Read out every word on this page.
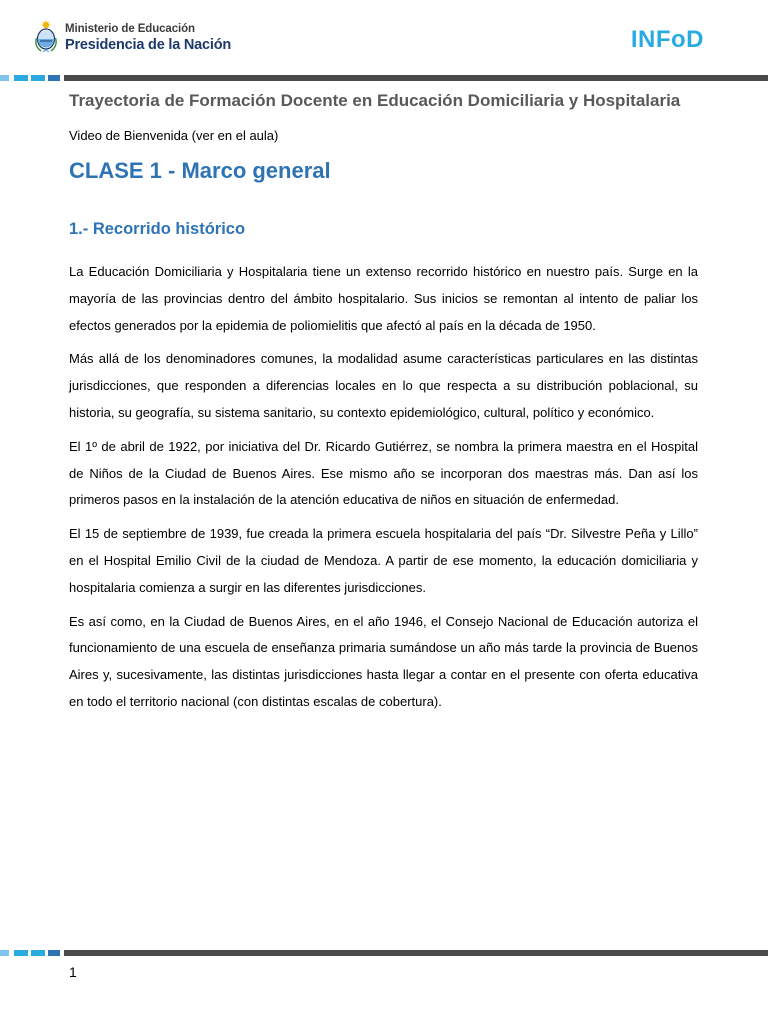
Ministerio de Educación
Presidencia de la Nación	INFoD
Trayectoria de Formación Docente en Educación Domiciliaria y Hospitalaria

Video de Bienvenida (ver en el aula)

CLASE 1 - Marco general
1.- Recorrido histórico

La Educación Domiciliaria y Hospitalaria tiene un extenso recorrido histórico en nuestro país. Surge en la mayoría de las provincias dentro del ámbito hospitalario. Sus inicios se remontan al intento de paliar los efectos generados por la epidemia de poliomielitis que afectó al país en la década de 1950.

Más allá de los denominadores comunes, la modalidad asume características particulares en las distintas jurisdicciones, que responden a diferencias locales en lo que respecta a su distribución poblacional, su historia, su geografía, su sistema sanitario, su contexto epidemiológico, cultural, político y económico.

El 1º de abril de 1922, por iniciativa del Dr. Ricardo Gutiérrez, se nombra la primera maestra en el Hospital de Niños de la Ciudad de Buenos Aires. Ese mismo año se incorporan dos maestras más. Dan así los primeros pasos en la instalación de la atención educativa de niños en situación de enfermedad.

El 15 de septiembre de 1939, fue creada la primera escuela hospitalaria del país “Dr. Silvestre Peña y Lillo” en el Hospital Emilio Civil de la ciudad de Mendoza. A partir de ese momento, la educación domiciliaria y hospitalaria comienza a surgir en las diferentes jurisdicciones.

Es así como, en la Ciudad de Buenos Aires, en el año 1946, el Consejo Nacional de Educación autoriza el funcionamiento de una escuela de enseñanza primaria sumándose un año más tarde la provincia de Buenos Aires y, sucesivamente, las distintas jurisdicciones hasta llegar a contar en el presente con oferta educativa en todo el territorio nacional (con distintas escalas de cobertura).

1
